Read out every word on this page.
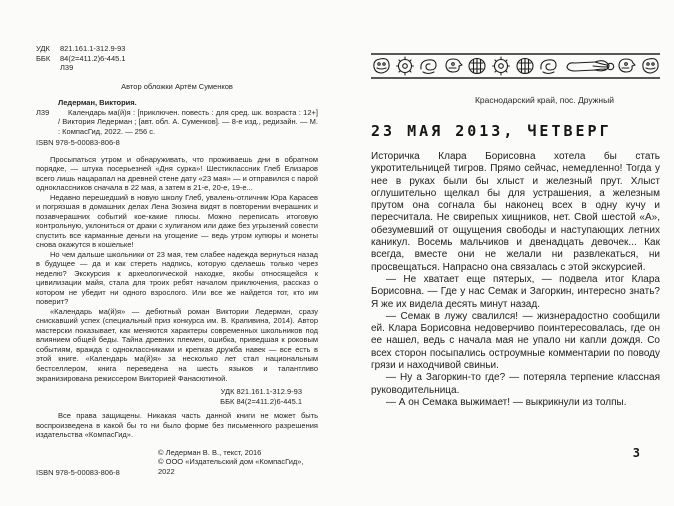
УДК	821.161.1-312.9-93
ББК	84(2=411.2)6-445.1
Л39
Автор обложки Артём Суменков
Ледерман, Виктория.
Л39	Календарь ма(й)я : [приключен. повесть : для сред. шк. возраста : 12+] / Виктория Ледерман ; [авт. обл. А. Суменков]. — 8-е изд., редизайн. — М. : КомпасГид, 2022. — 256 с.

ISBN 978-5-00083-806-8

Просыпаться утром и обнаруживать, что проживаешь дни в обратном порядке, — штука посерьезней «Дня сурка»! Шестиклассник Глеб Елизаров всего лишь нацарапал на древней стене дату «23 мая» — и отправился с парой одноклассников сначала в 22 мая, а затем в 21-е, 20-е, 19-е...

Недавно перешедший в новую школу Глеб, увалень-отличник Юра Карасев и погрязшая в домашних делах Лена Зюзина видят в повторении вчерашних и позавчерашних событий кое-какие плюсы. Можно переписать итоговую контрольную, уклониться от драки с хулиганом или даже без угрызений совести спустить все карманные деньги на угощение — ведь утром купюры и монеты снова окажутся в кошельке!

Но чем дальше школьники от 23 мая, тем слабее надежда вернуться назад в будущее — да и как стереть надпись, которую сделаешь только через неделю? Экскурсия к археологической находке, якобы относящейся к цивилизации майя, стала для троих ребят началом приключения, рассказ о котором не убедит ни одного взрослого. Или все же найдется тот, кто им поверит?

«Календарь ма(й)я» — дебютный роман Виктории Ледерман, сразу снискавший успех (специальный приз конкурса им. В. Крапивина, 2014). Автор мастерски показывает, как меняются характеры современных школьников под влиянием общей беды. Тайна древних племен, ошибка, приведшая к роковым событиям, вражда с одноклассниками и крепкая дружба навек — все есть в этой книге. «Календарь ма(й)я» за несколько лет стал национальным бестселлером, книга переведена на шесть языков и талантливо экранизирована режиссером Викторией Фанасютиной.

УДК 821.161.1-312.9-93
ББК 84(2=411.2)6-445.1

Все права защищены. Никакая часть данной книги не может быть воспроизведена в какой бы то ни было форме без письменного разрешения издательства «КомпасГид».

ISBN 978-5-00083-806-8
© Ледерман В. В., текст, 2016
© ООО «Издательский дом «КомпасГид», 2022
Краснодарский край, пос. Дружный
23 МАЯ 2013, ЧЕТВЕРГ

Историчка Клара Борисовна хотела бы стать укротительницей тигров. Прямо сейчас, немедленно! Тогда у нее в руках были бы хлыст и железный прут. Хлыст оглушительно щелкал бы для устрашения, а железным прутом она согнала бы наконец всех в одну кучу и пересчитала. Не свирепых хищников, нет. Свой шестой «А», обезумевший от ощущения свободы и наступающих летних каникул. Восемь мальчиков и двенадцать девочек... Как всегда, вместе они не желали ни развлекаться, ни просвещаться. Напрасно она связалась с этой экскурсией.

— Не хватает еще пятерых, — подвела итог Клара Борисовна. — Где у нас Семак и Загоркин, интересно знать? Я же их видела десять минут назад.

— Семак в лужу свалился! — жизнерадостно сообщили ей. Клара Борисовна недоверчиво поинтересовалась, где он ее нашел, ведь с начала мая не упало ни капли дождя. Со всех сторон посыпались остроумные комментарии по поводу грязи и находчивой свиньи.

— Ну а Загоркин-то где? — потеряла терпение классная руководительница.

— А он Семака выжимает! — выкрикнули из толпы.

3
